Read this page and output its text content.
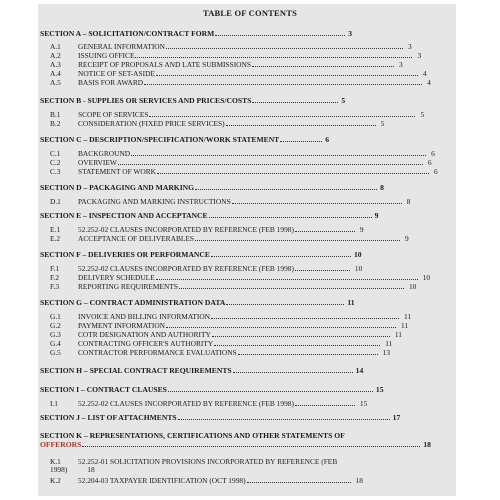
TABLE OF CONTENTS
SECTION A – SOLICITATION/CONTRACT FORM	3
A.1	GENERAL INFORMATION	3
A.2	ISSUING OFFICE	3
A.3	RECEIPT OF PROPOSALS AND LATE SUBMISSIONS	3
A.4	NOTICE OF SET-ASIDE	4
A.5	BASIS FOR AWARD	4
SECTION B - SUPPLIES OR SERVICES AND PRICES/COSTS	5
B.1	SCOPE OF SERVICES	5
B.2	CONSIDERATION (FIXED PRICE SERVICES)	5
SECTION C – DESCRIPTION/SPECIFICATION/WORK STATEMENT	6
C.1	BACKGROUND	6
C.2	OVERVIEW	6
C.3	STATEMENT OF WORK	6
SECTION D – PACKAGING AND MARKING	8
D.1	PACKAGING AND MARKING INSTRUCTIONS	8
SECTION E – INSPECTION AND ACCEPTANCE	9
E.1	52.252-02 CLAUSES INCORPORATED BY REFERENCE (FEB 1998)	9
E.2	ACCEPTANCE OF DELIVERABLES	9
SECTION F – DELIVERIES OR PERFORMANCE	10
F.1	52.252-02 CLAUSES INCORPORATED BY REFERENCE (FEB 1998)	10
F.2	DELIVERY SCHEDULE	10
F.3	REPORTING REQUIREMENTS	10
SECTION G – CONTRACT ADMINISTRATION DATA	11
G.1	INVOICE AND BILLING INFORMATION	11
G.2	PAYMENT INFORMATION	11
G.3	COTR DESIGNATION AND AUTHORITY	11
G.4	CONTRACTING OFFICER'S AUTHORITY	11
G.5	CONTRACTOR PERFORMANCE EVALUATIONS	13
SECTION H – SPECIAL CONTRACT REQUIREMENTS	14
SECTION I – CONTRACT CLAUSES	15
I.1	52.252-02 CLAUSES INCORPORATED BY REFERENCE (FEB 1998)	15
SECTION J – LIST OF ATTACHMENTS	17
SECTION K – REPRESENTATIONS, CERTIFICATIONS AND OTHER STATEMENTS OF
OFFERORS	18
K.1	52.252-01 SOLICITATION PROVISIONS INCORPORATED BY REFERENCE (FEB
1998)	18
K.2	52.204-03 TAXPAYER IDENTIFICATION (OCT 1998)	18
